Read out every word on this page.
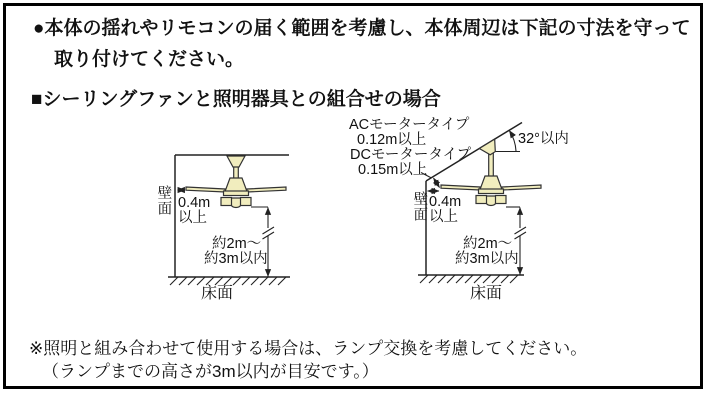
●本体の揺れやリモコンの届く範囲を考慮し、本体周辺は下記の寸法を守って
取り付けてください。
■シーリングファンと照明器具との組合せの場合
壁面 0.4m
以上
約2m～
約3m以内
床面
ACモータータイプ
0.12m以上
DCモータータイプ
0.15m以上
32°以内
壁面 0.4m
以上
約2m～
約3m以内
床面
※照明と組み合わせて使用する場合は、ランプ交換を考慮してください。
（ランプまでの高さが3m以内が目安です。）
